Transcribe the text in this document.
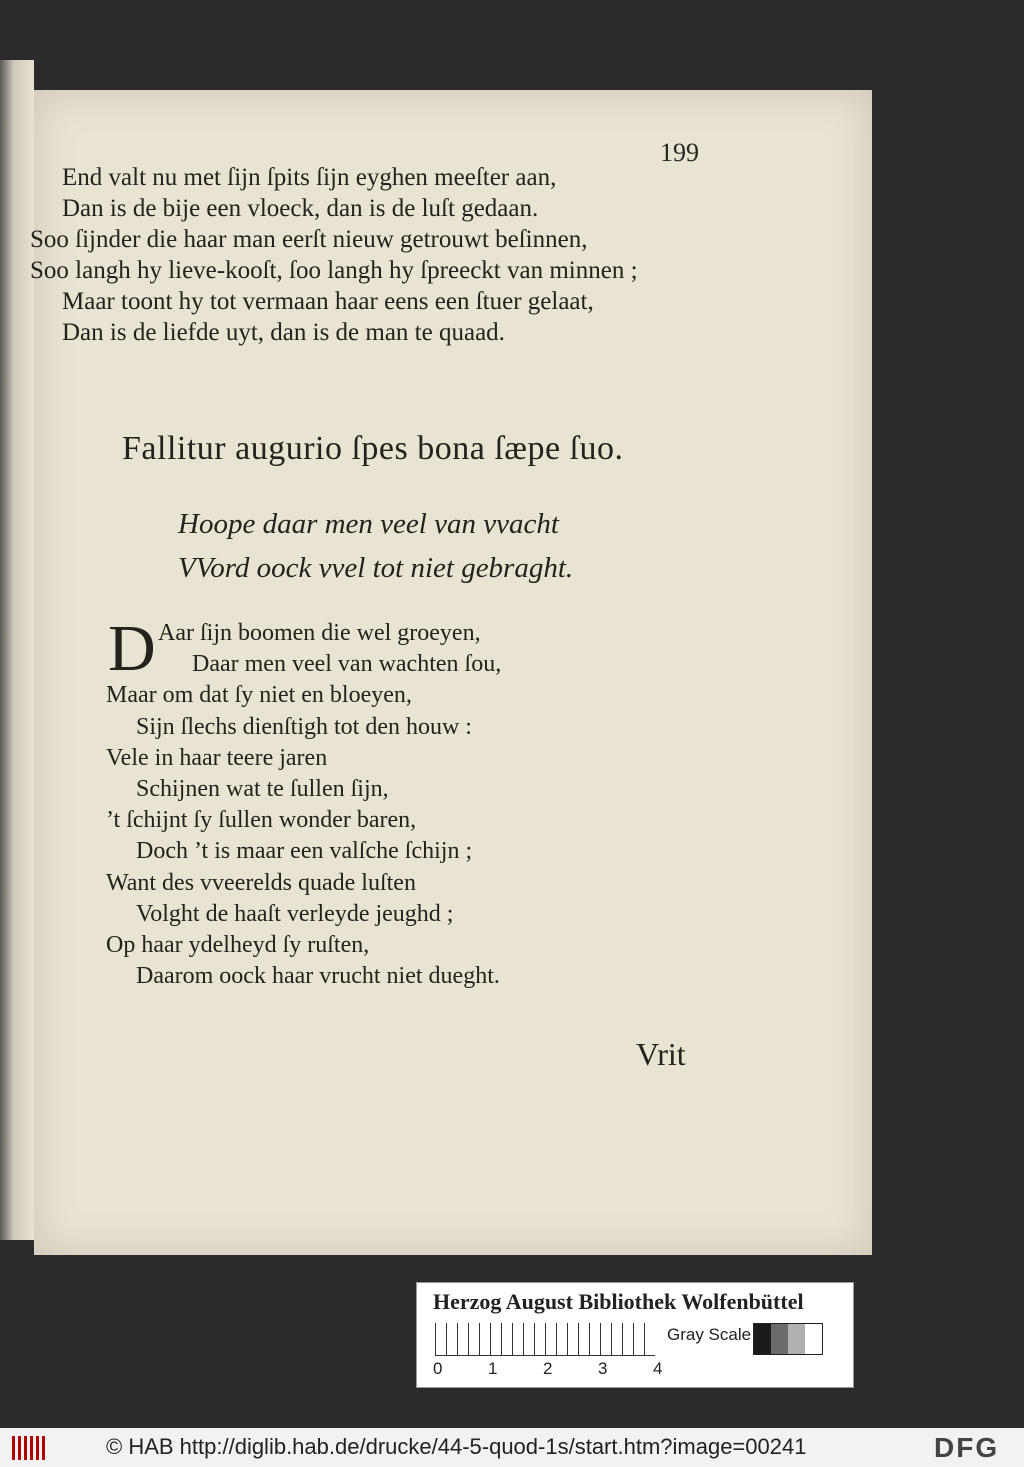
199
End valt nu met ſijn ſpits ſijn eyghen meeſter aan,
Dan is de bije een vloeck, dan is de luſt gedaan.
Soo ſijnder die haar man eerſt nieuw getrouwt beſinnen,
Soo langh hy lieve-kooſt, ſoo langh hy ſpreeckt van minnen ;
Maar toont hy tot vermaan haar eens een ſtuer gelaat,
Dan is de liefde uyt, dan is de man te quaad.
Fallitur augurio ſpes bona ſæpe ſuo.
Hoope daar men veel van vvacht
VVord oock vvel tot niet gebraght.
D Aar ſijn boomen die wel groeyen,
Daar men veel van wachten ſou,
Maar om dat ſy niet en bloeyen,
Sijn ſlechs dienſtigh tot den houw :
Vele in haar teere jaren
Schijnen wat te ſullen ſijn,
’t ſchijnt ſy ſullen wonder baren,
Doch ’t is maar een valſche ſchijn ;
Want des vveerelds quade luſten
Volght de haaſt verleyde jeughd ;
Op haar ydelheyd ſy ruſten,
Daarom oock haar vrucht niet dueght.
Vrit
Herzog August Bibliothek Wolfenbüttel
Gray Scale
0	1	2	3	4
© HAB http://diglib.hab.de/drucke/44-5-quod-1s/start.htm?image=00241	DFG
